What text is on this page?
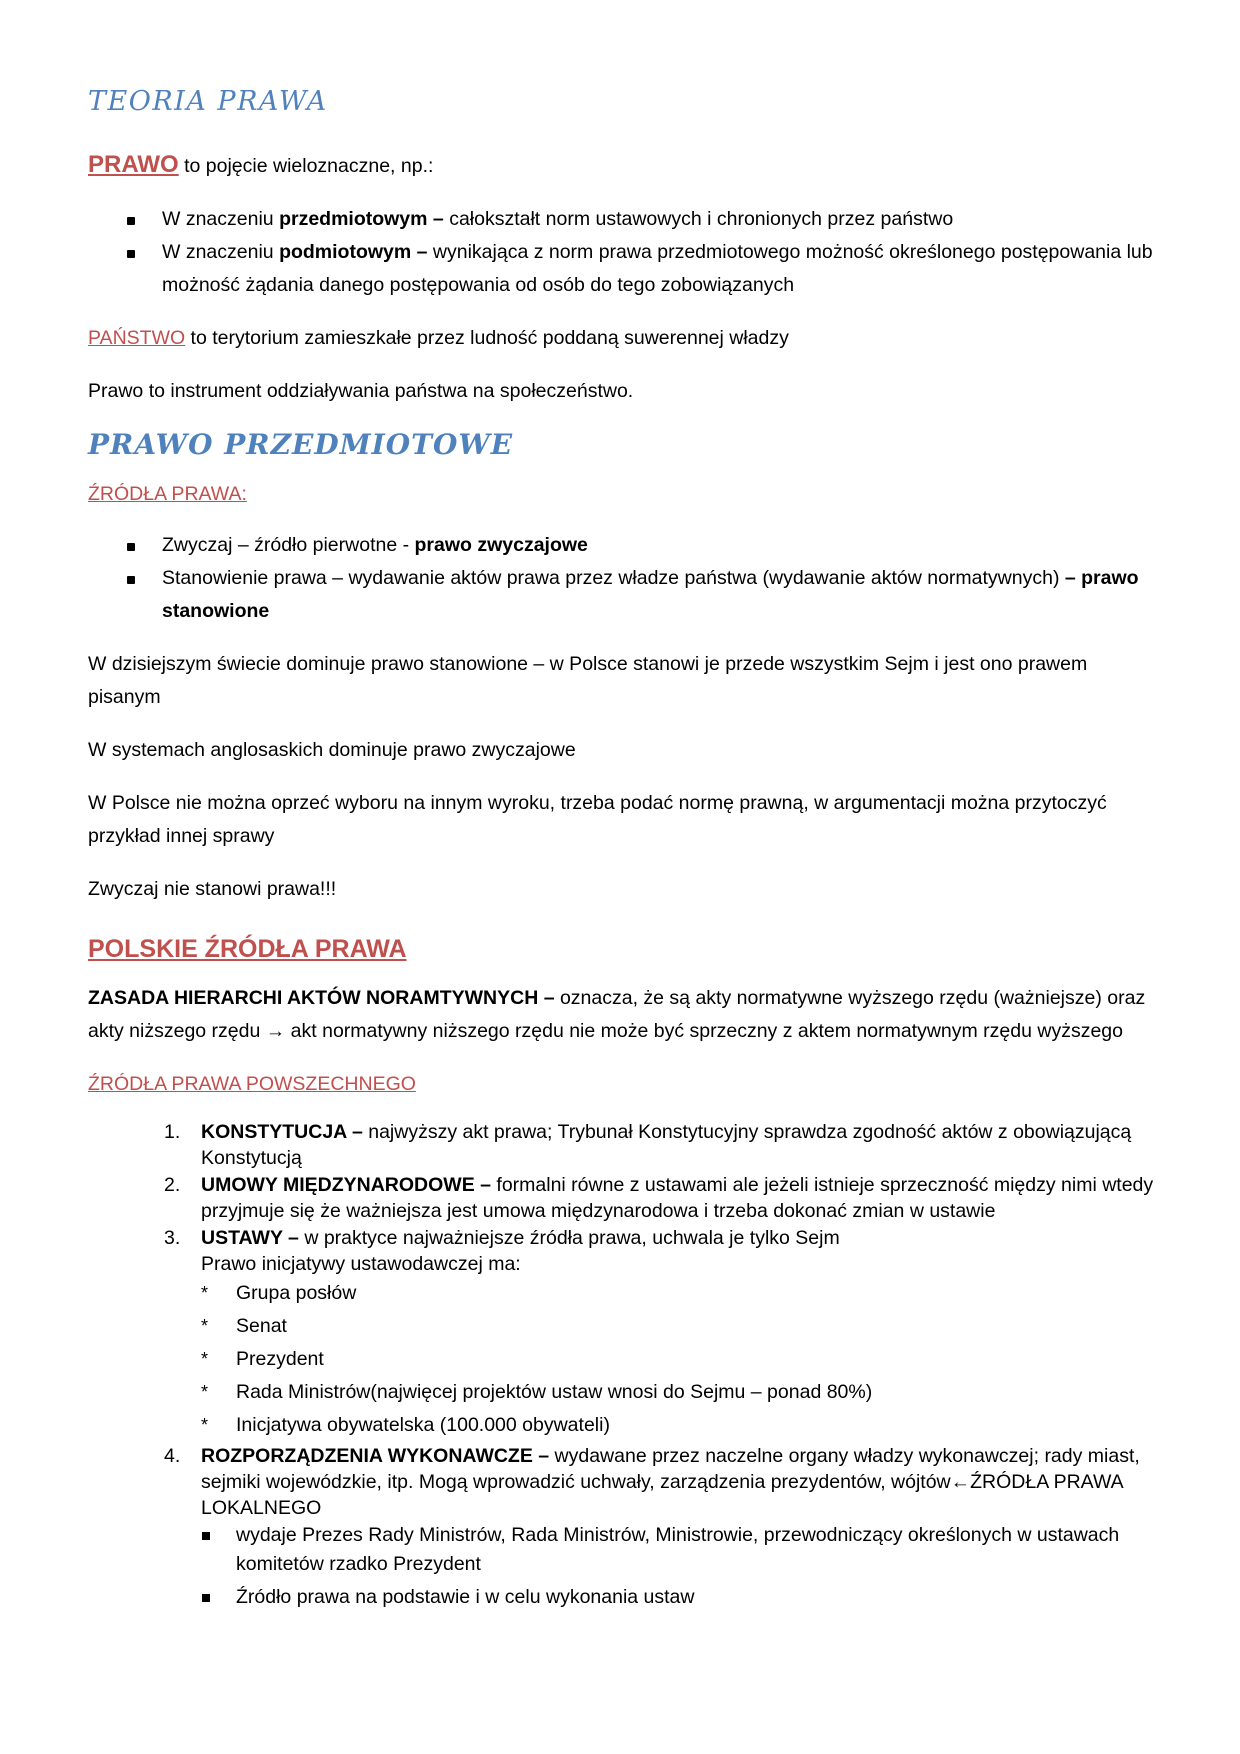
TEORIA PRAWA

PRAWO to pojęcie wieloznaczne, np.:

W znaczeniu przedmiotowym – całokształt norm ustawowych i chronionych przez państwo
W znaczeniu podmiotowym – wynikająca z norm prawa przedmiotowego możność określonego postępowania lub możność żądania danego postępowania od osób do tego zobowiązanych

PAŃSTWO to terytorium zamieszkałe przez ludność poddaną suwerennej władzy

Prawo to instrument oddziaływania państwa na społeczeństwo.

PRAWO PRZEDMIOTOWE
ŹRÓDŁA PRAWA:
Zwyczaj – źródło pierwotne - prawo zwyczajowe
Stanowienie prawa – wydawanie aktów prawa przez władze państwa (wydawanie aktów normatywnych) – prawo stanowione

W dzisiejszym świecie dominuje prawo stanowione – w Polsce stanowi je przede wszystkim Sejm i jest ono prawem pisanym

W systemach anglosaskich dominuje prawo zwyczajowe

W Polsce nie można oprzeć wyboru na innym wyroku, trzeba podać normę prawną, w argumentacji można przytoczyć przykład innej sprawy

Zwyczaj nie stanowi prawa!!!

POLSKIE ŹRÓDŁA PRAWA

ZASADA HIERARCHI AKTÓW NORAMTYWNYCH – oznacza, że są akty normatywne wyższego rzędu (ważniejsze) oraz akty niższego rzędu → akt normatywny niższego rzędu nie może być sprzeczny z aktem normatywnym rzędu wyższego

ŹRÓDŁA PRAWA POWSZECHNEGO
1. KONSTYTUCJA – najwyższy akt prawa; Trybunał Konstytucyjny sprawdza zgodność aktów z obowiązującą Konstytucją
2. UMOWY MIĘDZYNARODOWE – formalni równe z ustawami ale jeżeli istnieje sprzeczność między nimi wtedy przyjmuje się że ważniejsza jest umowa międzynarodowa i trzeba dokonać zmian w ustawie
3. USTAWY – w praktyce najważniejsze źródła prawa, uchwala je tylko Sejm
Prawo inicjatywy ustawodawczej ma:
* Grupa posłów
* Senat
* Prezydent
* Rada Ministrów(najwięcej projektów ustaw wnosi do Sejmu – ponad 80%)
* Inicjatywa obywatelska (100.000 obywateli)
4. ROZPORZĄDZENIA WYKONAWCZE – wydawane przez naczelne organy władzy wykonawczej; rady miast, sejmiki wojewódzkie, itp. Mogą wprowadzić uchwały, zarządzenia prezydentów, wójtów←ŹRÓDŁA PRAWA LOKALNEGO
wydaje Prezes Rady Ministrów, Rada Ministrów, Ministrowie, przewodniczący określonych w ustawach komitetów rzadko Prezydent
Źródło prawa na podstawie i w celu wykonania ustaw
